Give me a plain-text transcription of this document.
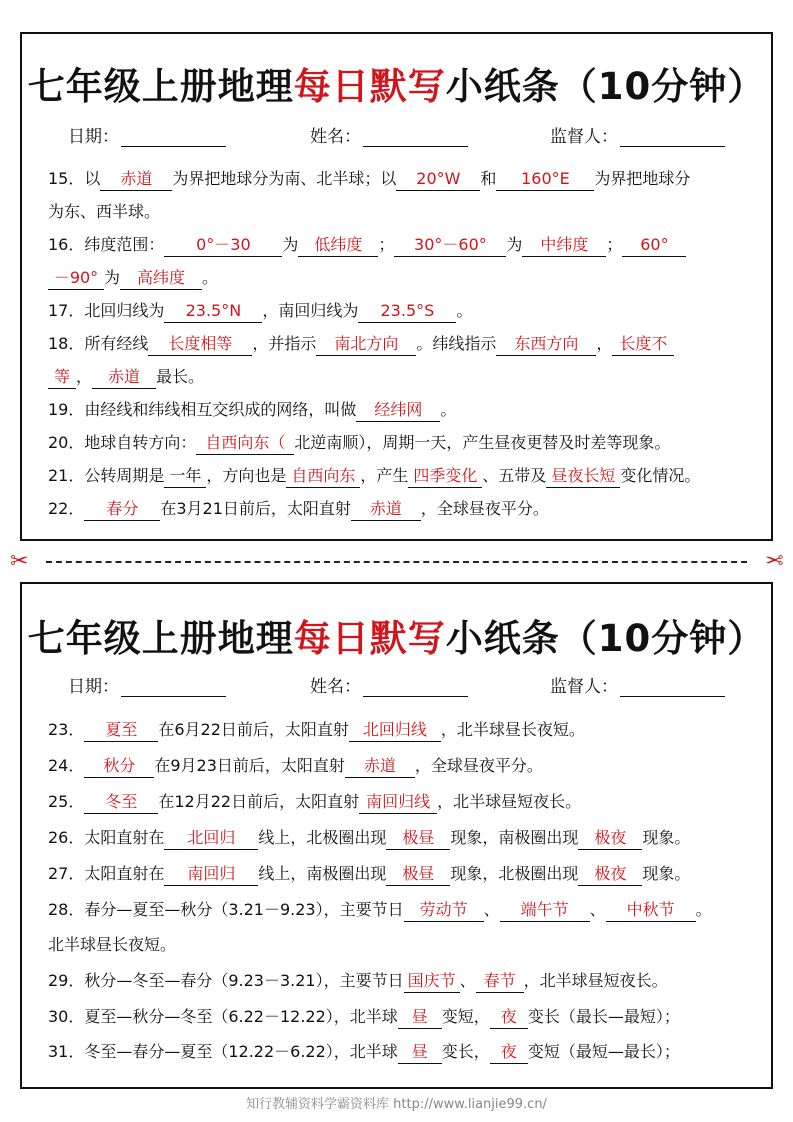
七年级上册地理每日默写小纸条（10分钟）
日期：	姓名：	监督人：
15．以 赤道 为界把地球分为南、北半球；以 20°W 和 160°E 为界把地球分
为东、西半球。
16．纬度范围： 0°－30 为 低纬度 ； 30°－60° 为 中纬度 ； 60°
－90° 为 高纬度 。
17．北回归线为 23.5°N ，南回归线为 23.5°S 。
18．所有经线 长度相等 ，并指示 南北方向 。纬线指示 东西方向 ， 长度不
等 ， 赤道 最长。
19．由经线和纬线相互交织成的网络，叫做 经纬网 。
20．地球自转方向： 自西向东（ 北逆南顺），周期一天，产生昼夜更替及时差等现象。
21．公转周期是 一年 ，方向也是 自西向东 ，产生 四季变化 、五带及 昼夜长短 变化情况。
22． 春分 在3月21日前后，太阳直射 赤道 ，全球昼夜平分。
✂	✂
七年级上册地理每日默写小纸条（10分钟）
日期：	姓名：	监督人：
23． 夏至 在6月22日前后，太阳直射 北回归线 ，北半球昼长夜短。
24． 秋分 在9月23日前后，太阳直射 赤道 ，全球昼夜平分。
25． 冬至 在12月22日前后，太阳直射 南回归线 ，北半球昼短夜长。
26．太阳直射在 北回归 线上，北极圈出现 极昼 现象，南极圈出现 极夜 现象。
27．太阳直射在 南回归 线上，南极圈出现 极昼 现象，北极圈出现 极夜 现象。
28．春分—夏至—秋分（3.21－9.23），主要节日 劳动节 、 端午节 、 中秋节 。
北半球昼长夜短。
29．秋分—冬至—春分（9.23－3.21），主要节日 国庆节 、 春节 ，北半球昼短夜长。
30．夏至—秋分—冬至（6.22－12.22），北半球 昼 变短， 夜 变长（最长—最短）；
31．冬至—春分—夏至（12.22－6.22），北半球 昼 变长， 夜 变短（最短—最长）；
知行教辅资料学霸资料库 http://www.lianjie99.cn/
